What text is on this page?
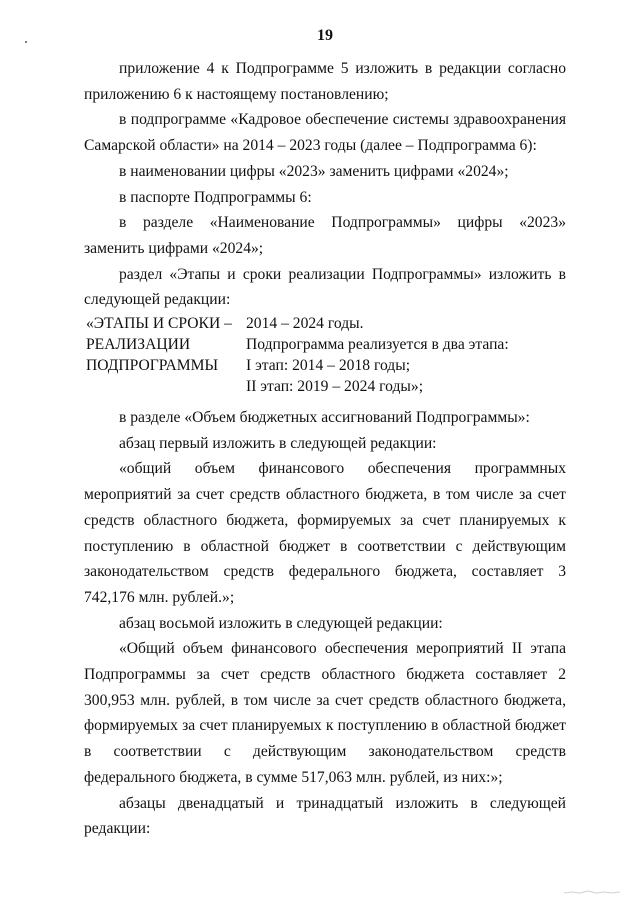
19

приложение 4 к Подпрограмме 5 изложить в редакции согласно приложению 6 к настоящему постановлению;

в подпрограмме «Кадровое обеспечение системы здравоохранения Самарской области» на 2014 – 2023 годы (далее – Подпрограмма 6):

в наименовании цифры «2023» заменить цифрами «2024»;

в паспорте Подпрограммы 6:

в разделе «Наименование Подпрограммы» цифры «2023» заменить цифрами «2024»;

раздел «Этапы и сроки реализации Подпрограммы» изложить в следующей редакции:

«ЭТАПЫ И СРОКИ –
РЕАЛИЗАЦИИ
ПОДПРОГРАММЫ
2014 – 2024 годы.
Подпрограмма реализуется в два этапа:
I этап: 2014 – 2018 годы;
II этап: 2019 – 2024 годы»;

в разделе «Объем бюджетных ассигнований Подпрограммы»:

абзац первый изложить в следующей редакции:

«общий объем финансового обеспечения программных мероприятий за счет средств областного бюджета, в том числе за счет средств областного бюджета, формируемых за счет планируемых к поступлению в областной бюджет в соответствии с действующим законодательством средств федерального бюджета, составляет 3 742,176 млн. рублей.»;

абзац восьмой изложить в следующей редакции:

«Общий объем финансового обеспечения мероприятий II этапа Подпрограммы за счет средств областного бюджета составляет 2 300,953 млн. рублей, в том числе за счет средств областного бюджета, формируемых за счет планируемых к поступлению в областной бюджет в соответствии с действующим законодательством средств федерального бюджета, в сумме 517,063 млн. рублей, из них:»;

абзацы двенадцатый и тринадцатый изложить в следующей редакции:
